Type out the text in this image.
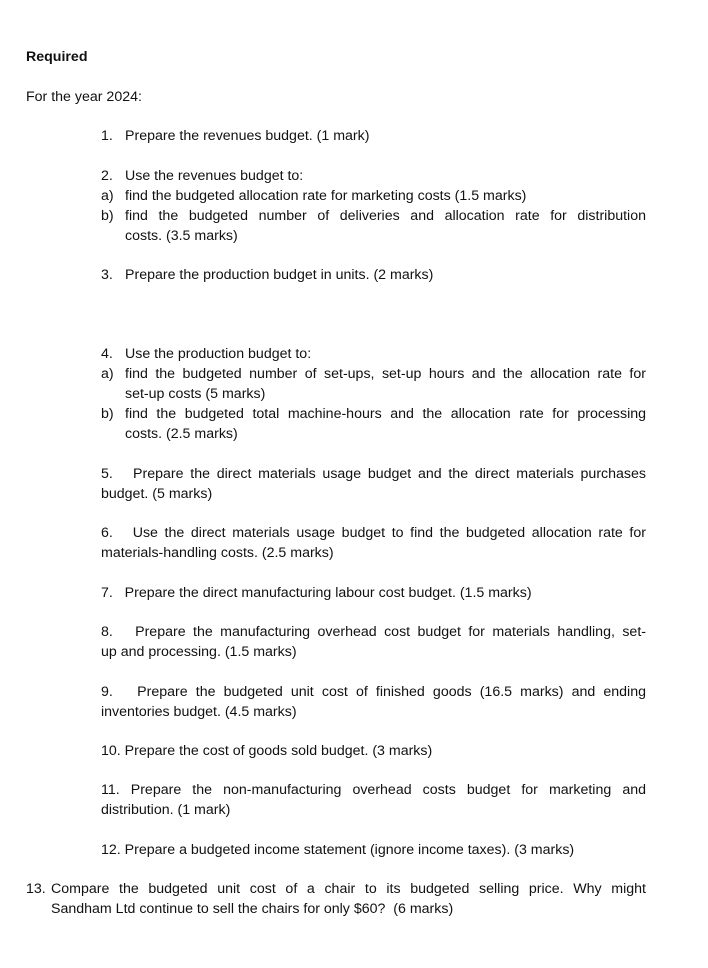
Required
For the year 2024:
1. Prepare the revenues budget. (1 mark)
2. Use the revenues budget to:
a) find the budgeted allocation rate for marketing costs (1.5 marks)
b) find the budgeted number of deliveries and allocation rate for distribution
costs. (3.5 marks)
3. Prepare the production budget in units. (2 marks)
4. Use the production budget to:
a) find the budgeted number of set-ups, set-up hours and the allocation rate for
set-up costs (5 marks)
b) find the budgeted total machine-hours and the allocation rate for processing
costs. (2.5 marks)
5.   Prepare the direct materials usage budget and the direct materials purchases
budget. (5 marks)
6.   Use the direct materials usage budget to find the budgeted allocation rate for
materials-handling costs. (2.5 marks)
7.   Prepare the direct manufacturing labour cost budget. (1.5 marks)
8.   Prepare the manufacturing overhead cost budget for materials handling, set-
up and processing. (1.5 marks)
9.   Prepare the budgeted unit cost of finished goods (16.5 marks) and ending
inventories budget. (4.5 marks)
10. Prepare the cost of goods sold budget. (3 marks)
11. Prepare the non-manufacturing overhead costs budget for marketing and
distribution. (1 mark)
12. Prepare a budgeted income statement (ignore income taxes). (3 marks)
13. Compare the budgeted unit cost of a chair to its budgeted selling price. Why might
Sandham Ltd continue to sell the chairs for only $60?  (6 marks)
